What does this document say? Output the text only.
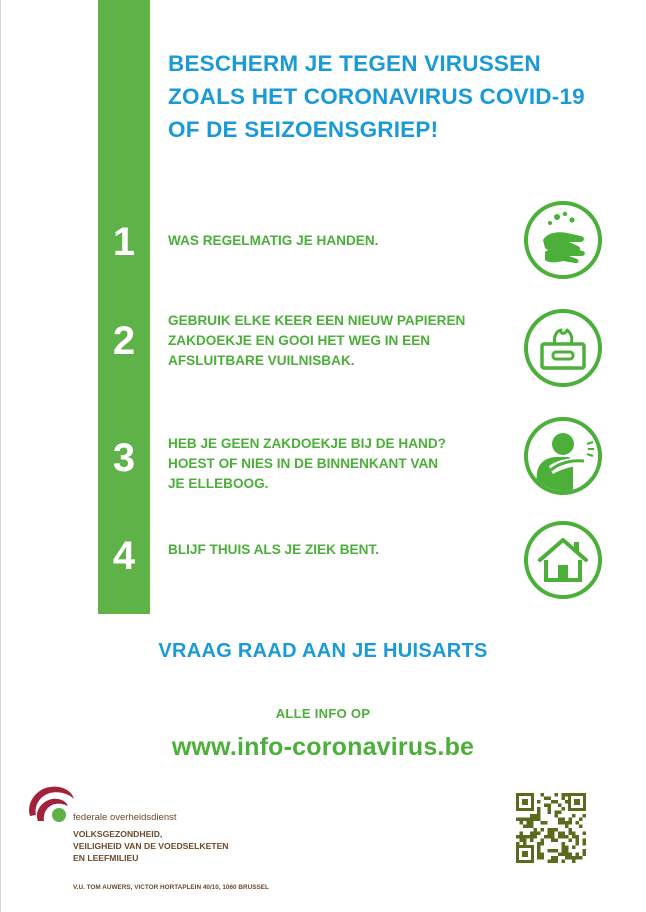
BESCHERM JE TEGEN VIRUSSEN
ZOALS HET CORONAVIRUS COVID-19
OF DE SEIZOENSGRIEP!
1	WAS REGELMATIG JE HANDEN.
2	GEBRUIK ELKE KEER EEN NIEUW PAPIEREN
ZAKDOEKJE EN GOOI HET WEG IN EEN
AFSLUITBARE VUILNISBAK.
3	HEB JE GEEN ZAKDOEKJE BIJ DE HAND?
HOEST OF NIES IN DE BINNENKANT VAN
JE ELLEBOOG.
4	BLIJF THUIS ALS JE ZIEK BENT.
VRAAG RAAD AAN JE HUISARTS
ALLE INFO OP
www.info-coronavirus.be
federale overheidsdienst
VOLKSGEZONDHEID,
VEILIGHEID VAN DE VOEDSELKETEN
EN LEEFMILIEU
V.U. TOM AUWERS, VICTOR HORTAPLEIN 40/10, 1060 BRUSSEL
